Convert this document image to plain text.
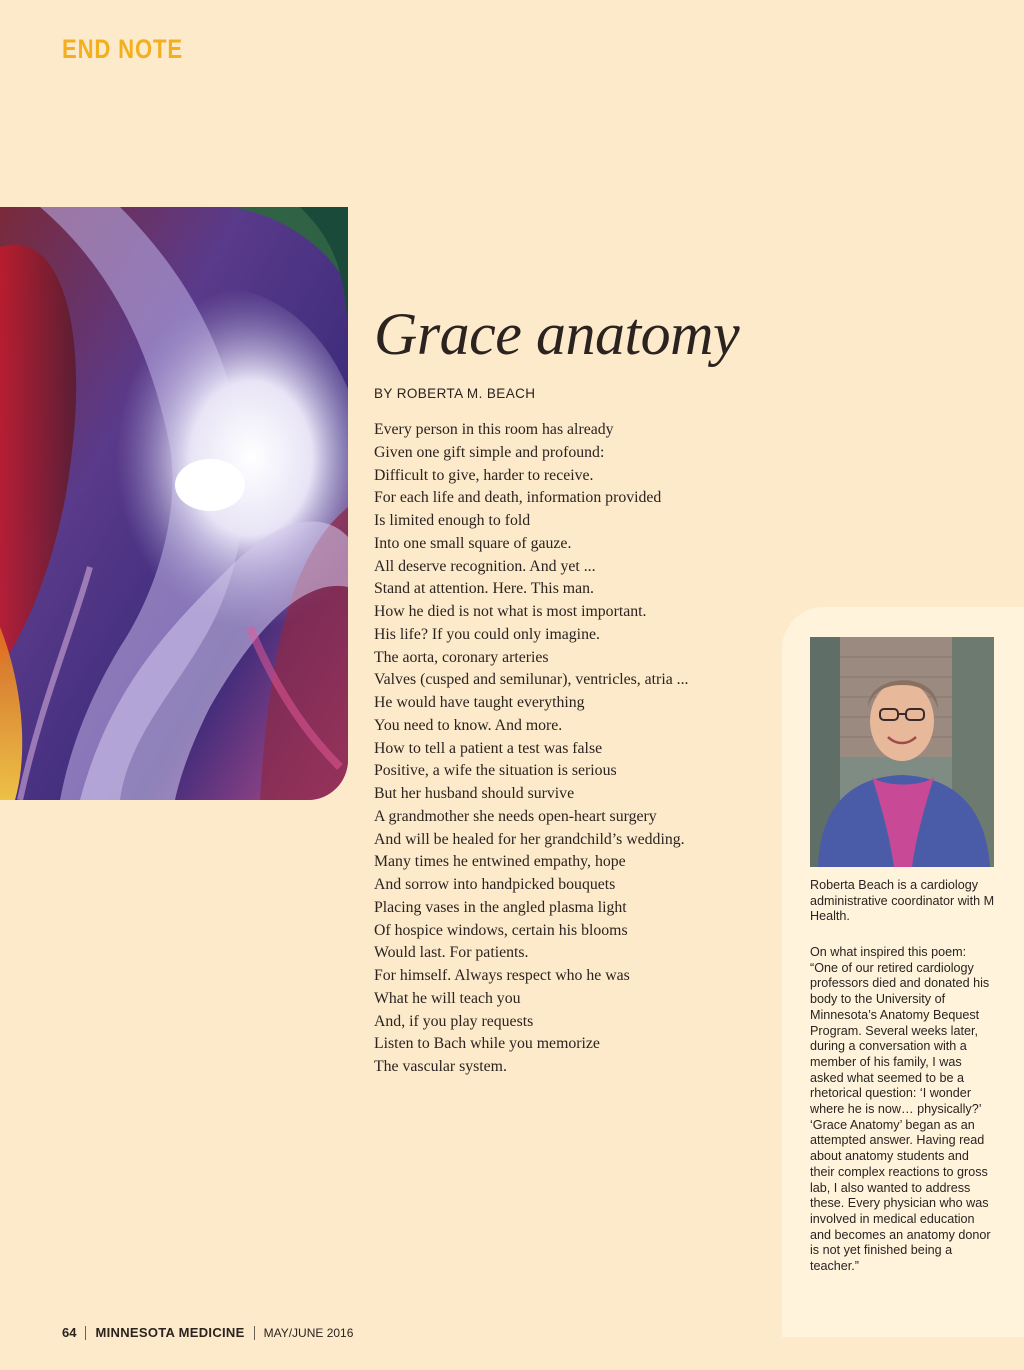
END NOTE
Grace anatomy
BY ROBERTA M. BEACH
Every person in this room has already
Given one gift simple and profound:
Difficult to give, harder to receive.
For each life and death, information provided
Is limited enough to fold
Into one small square of gauze.
All deserve recognition. And yet ...
Stand at attention. Here. This man.
How he died is not what is most important.
His life? If you could only imagine.
The aorta, coronary arteries
Valves (cusped and semilunar), ventricles, atria ...
He would have taught everything
You need to know. And more.
How to tell a patient a test was false
Positive, a wife the situation is serious
But her husband should survive
A grandmother she needs open-heart surgery
And will be healed for her grandchild’s wedding.
Many times he entwined empathy, hope
And sorrow into handpicked bouquets
Placing vases in the angled plasma light
Of hospice windows, certain his blooms
Would last. For patients.
For himself. Always respect who he was
What he will teach you
And, if you play requests
Listen to Bach while you memorize
The vascular system.

Roberta Beach is a cardiology administrative coordinator with M Health.

On what inspired this poem: “One of our retired cardiology professors died and donated his body to the University of Minnesota’s Anatomy Bequest Program. Several weeks later, during a conversation with a member of his family, I was asked what seemed to be a rhetorical question: ‘I wonder where he is now… physically?’ ‘Grace Anatomy’ began as an attempted answer. Having read about anatomy students and their complex reactions to gross lab, I also wanted to address these. Every physician who was involved in medical education and becomes an anatomy donor is not yet finished being a teacher.”

64 MINNESOTA MEDICINE MAY/JUNE 2016
